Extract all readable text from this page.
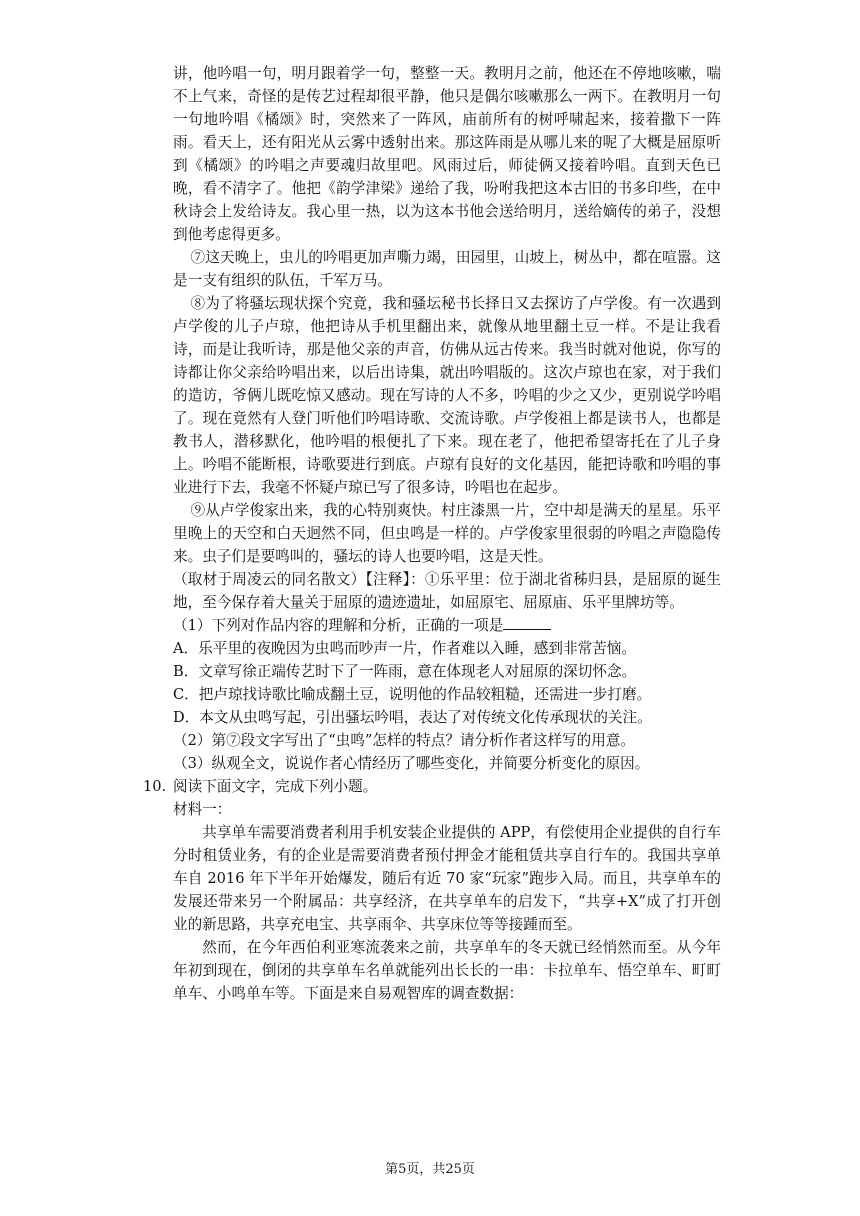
讲，他吟唱一句，明月跟着学一句，整整一天。教明月之前，他还在不停地咳嗽，喘不上气来，奇怪的是传艺过程却很平静，他只是偶尔咳嗽那么一两下。在教明月一句一句地吟唱《橘颂》时，突然来了一阵风，庙前所有的树呼啸起来，接着撒下一阵雨。看天上，还有阳光从云雾中透射出来。那这阵雨是从哪儿来的呢了大概是屈原听到《橘颂》的吟唱之声要魂归故里吧。风雨过后，师徒俩又接着吟唱。直到天色已晚，看不清字了。他把《韵学津梁》递给了我，吩咐我把这本古旧的书多印些，在中秋诗会上发给诗友。我心里一热，以为这本书他会送给明月，送给嫡传的弟子，没想到他考虑得更多。

⑦这天晚上，虫儿的吟唱更加声嘶力竭，田园里，山坡上，树丛中，都在喧嚣。这是一支有组织的队伍，千军万马。

⑧为了将骚坛现状探个究竟，我和骚坛秘书长择日又去探访了卢学俊。有一次遇到卢学俊的儿子卢琼，他把诗从手机里翻出来，就像从地里翻土豆一样。不是让我看诗，而是让我听诗，那是他父亲的声音，仿佛从远古传来。我当时就对他说，你写的诗都让你父亲给吟唱出来，以后出诗集，就出吟唱版的。这次卢琼也在家，对于我们的造访，爷俩儿既吃惊又感动。现在写诗的人不多，吟唱的少之又少，更别说学吟唱了。现在竟然有人登门听他们吟唱诗歌、交流诗歌。卢学俊祖上都是读书人，也都是教书人，潜移默化，他吟唱的根便扎了下来。现在老了，他把希望寄托在了儿子身上。吟唱不能断根，诗歌要进行到底。卢琼有良好的文化基因，能把诗歌和吟唱的事业进行下去，我毫不怀疑卢琼已写了很多诗，吟唱也在起步。

⑨从卢学俊家出来，我的心特别爽快。村庄漆黑一片，空中却是满天的星星。乐平里晚上的天空和白天迥然不同，但虫鸣是一样的。卢学俊家里很弱的吟唱之声隐隐传来。虫子们是要鸣叫的，骚坛的诗人也要吟唱，这是天性。

（取材于周凌云的同名散文）【注释】：①乐平里：位于湖北省秭归县，是屈原的诞生地，至今保存着大量关于屈原的遗迹遗址，如屈原宅、屈原庙、乐平里牌坊等。

（1）下列对作品内容的理解和分析，正确的一项是

A．乐平里的夜晚因为虫鸣而吵声一片，作者难以入睡，感到非常苦恼。

B．文章写徐正端传艺时下了一阵雨，意在体现老人对屈原的深切怀念。

C．把卢琼找诗歌比喻成翻土豆，说明他的作品较粗糙，还需进一步打磨。

D．本文从虫鸣写起，引出骚坛吟唱，表达了对传统文化传承现状的关注。

（2）第⑦段文字写出了“虫鸣”怎样的特点？请分析作者这样写的用意。

（3）纵观全文，说说作者心情经历了哪些变化，并简要分析变化的原因。

10. 阅读下面文字，完成下列小题。

材料一：

共享单车需要消费者利用手机安装企业提供的 APP，有偿使用企业提供的自行车分时租赁业务，有的企业是需要消费者预付押金才能租赁共享自行车的。我国共享单车自 2016 年下半年开始爆发，随后有近 70 家“玩家”跑步入局。而且，共享单车的发展还带来另一个附属品：共享经济，在共享单车的启发下，“共享+X”成了打开创业的新思路，共享充电宝、共享雨伞、共享床位等等接踵而至。

然而，在今年西伯利亚寒流袭来之前，共享单车的冬天就已经悄然而至。从今年年初到现在，倒闭的共享单车名单就能列出长长的一串：卡拉单车、悟空单车、町町单车、小鸣单车等。下面是来自易观智库的调查数据：

第5页，共25页
